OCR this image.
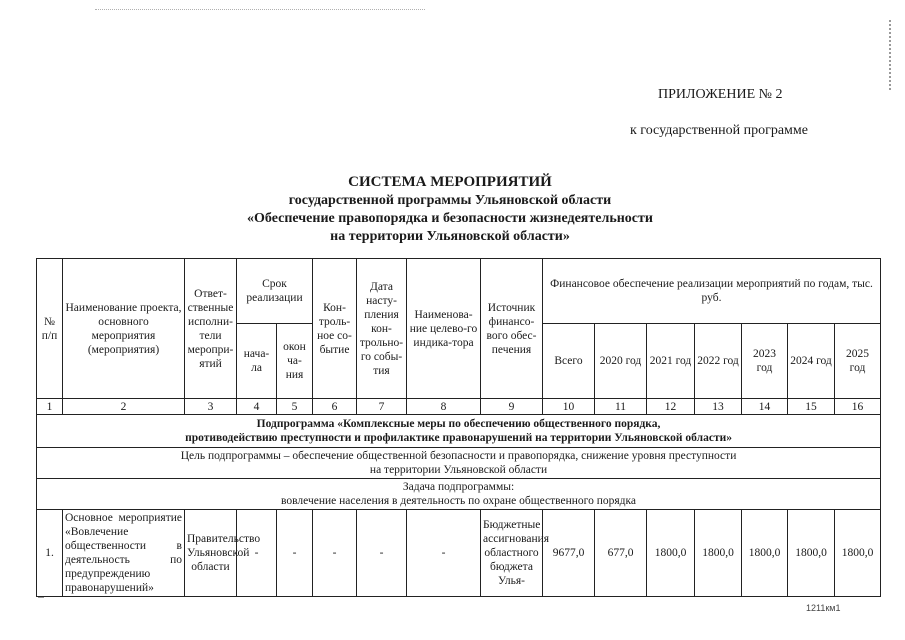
ПРИЛОЖЕНИЕ № 2
к государственной программе
СИСТЕМА МЕРОПРИЯТИЙ
государственной программы Ульяновской области
«Обеспечение правопорядка и безопасности жизнедеятельности
на территории Ульяновской области»
№ п/п	Наименование проекта, основного мероприятия (мероприятия)	Ответ-ственные исполни-тели меропри-ятий	Срок реализации		Кон-троль-ное со-бытие	Дата насту-пления кон-трольно-го собы-тия	Наименова-ние целево-го индика-тора	Источник финансо-вого обес-печения	Финансовое обеспечение реализации мероприятий по годам, тыс. руб.						
			нача-ла	окон ча-ния					Всего	2020 год	2021 год	2022 год	2023 год	2024 год	2025 год
1	2	3	4	5	6	7	8	9	10	11	12	13	14	15	16

Подпрограмма «Комплексные меры по обеспечению общественного порядка,
противодействию преступности и профилактике правонарушений на территории Ульяновской области»															

Цель подпрограммы – обеспечение общественной безопасности и правопорядка, снижение уровня преступности
на территории Ульяновской области															

Задача подпрограммы:
вовлечение населения в деятельность по охране общественного порядка															

1.	Основное мероприятие «Вовлечение общественности в деятельность по предупреждению правонарушений»	Правительство Ульяновской области	-	-	-	-	-	Бюджетные ассигнования областного бюджета Улья-	9677,0	677,0	1800,0	1800,0	1800,0	1800,0	1800,0
1211км1
